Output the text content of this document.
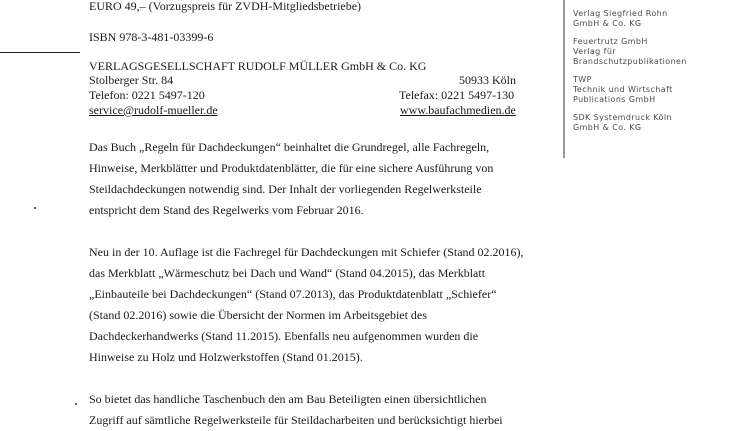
EURO 49,– (Vorzugspreis für ZVDH-Mitgliedsbetriebe)

ISBN 978-3-481-03399-6

VERLAGSGESELLSCHAFT RUDOLF MÜLLER GmbH & Co. KG

Stolberger Str. 84	50933 Köln

Telefon: 0221 5497-120	Telefax: 0221 5497-130

service@rudolf-mueller.de	www.baufachmedien.de

Das Buch „Regeln für Dachdeckungen“ beinhaltet die Grundregel, alle Fachregeln,
Hinweise, Merkblätter und Produktdatenblätter, die für eine sichere Ausführung von
Steildachdeckungen notwendig sind. Der Inhalt der vorliegenden Regelwerksteile
entspricht dem Stand des Regelwerks vom Februar 2016.
Neu in der 10. Auflage ist die Fachregel für Dachdeckungen mit Schiefer (Stand 02.2016),
das Merkblatt „Wärmeschutz bei Dach und Wand“ (Stand 04.2015), das Merkblatt
„Einbauteile bei Dachdeckungen“ (Stand 07.2013), das Produktdatenblatt „Schiefer“
(Stand 02.2016) sowie die Übersicht der Normen im Arbeitsgebiet des
Dachdeckerhandwerks (Stand 11.2015). Ebenfalls neu aufgenommen wurden die
Hinweise zu Holz und Holzwerkstoffen (Stand 01.2015).
So bietet das handliche Taschenbuch den am Bau Beteiligten einen übersichtlichen
Zugriff auf sämtliche Regelwerksteile für Steildacharbeiten und berücksichtigt hierbei
Verlag Siegfried Rohn
GmbH & Co. KG
Feuertrutz GmbH
Verlag für
Brandschutzpublikationen
TWP
Technik und Wirtschaft
Publications GmbH
SDK Systemdruck Köln
GmbH & Co. KG
